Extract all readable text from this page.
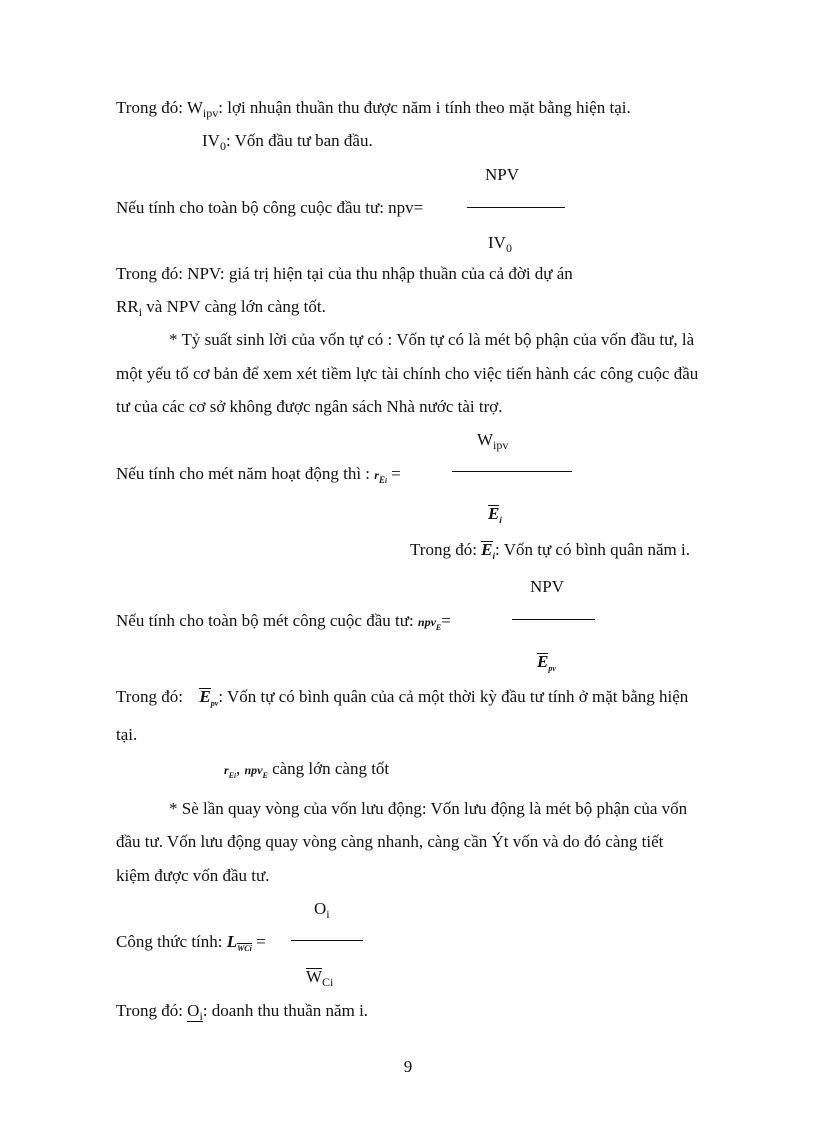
Trong đó: $W_{ipv}$: lợi nhuận thuần thu được năm i tính theo mặt bằng hiện tại.
$IV_0$: Vốn đầu tư ban đầu.
NPV
Nếu tính cho toàn bộ công cuộc đầu tư: npv=
$IV_0$
Trong đó: NPV: giá trị hiện tại của thu nhập thuần của cả đời dự án
$RR_i$ và NPV càng lớn càng tốt.
* Tỷ suất sinh lời của vốn tự có : Vốn tự có là mét bộ phận của vốn đầu tư, là
một yếu tố cơ bản để xem xét tiềm lực tài chính cho việc tiến hành các công cuộc đầu
tư của các cơ sở không được ngân sách Nhà nước tài trợ.
$W_{ipv}$
Nếu tính cho mét năm hoạt động thì : $r_{Ei}$ =
$E_i$
Trong đó: $E_i$: Vốn tự có bình quân năm i.
NPV
Nếu tính cho toàn bộ mét công cuộc đầu tư: npv$_E$=
$E_{pv}$
Trong đó: $E_{pv}$: Vốn tự có bình quân của cả một thời kỳ đầu tư tính ở mặt bằng hiện
tại.
$r_{Ei}$, npv$_E$ càng lớn càng tốt
* Sè lần quay vòng của vốn lưu động: Vốn lưu động là mét bộ phận của vốn
đầu tư. Vốn lưu động quay vòng càng nhanh, càng cần Ýt vốn và do đó càng tiết
kiệm được vốn đầu tư.
$O_i$
Công thức tính: $L_{WCi}$ =
$W_{Ci}$
Trong đó: $O_i$: doanh thu thuần năm i.
9
